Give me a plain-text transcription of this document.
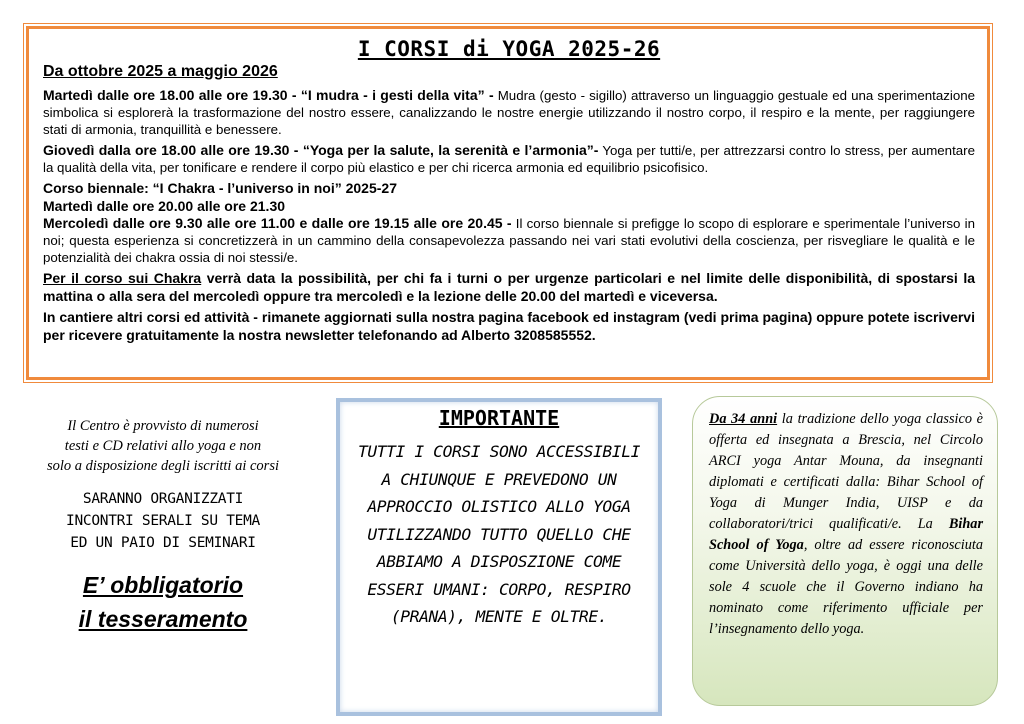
I CORSI di YOGA 2025-26
Da ottobre 2025 a maggio 2026

Martedì dalle ore 18.00 alle ore 19.30 - “I mudra - i gesti della vita” - Mudra (gesto - sigillo) attraverso un linguaggio gestuale ed una sperimentazione simbolica si esplorerà la trasformazione del nostro essere, canalizzando le nostre energie utilizzando il nostro corpo, il respiro e la mente, per raggiungere stati di armonia, tranquillità e benessere.

Giovedì dalla ore 18.00 alle ore 19.30 - “Yoga per la salute, la serenità e l’armonia”- Yoga per tutti/e, per attrezzarsi contro lo stress, per aumentare la qualità della vita, per tonificare e rendere il corpo più elastico e per chi ricerca armonia ed equilibrio psicofisico.

Corso biennale: “I Chakra - l’universo in noi” 2025-27

Martedì dalle ore 20.00 alle ore 21.30

Mercoledì dalle ore 9.30 alle ore 11.00 e dalle ore 19.15 alle ore 20.45 - Il corso biennale si prefigge lo scopo di esplorare e sperimentale l’universo in noi; questa esperienza si concretizzerà in un cammino della consapevolezza passando nei vari stati evolutivi della coscienza, per risvegliare le qualità e le potenzialità dei chakra ossia di noi stessi/e.

Per il corso sui Chakra verrà data la possibilità, per chi fa i turni o per urgenze particolari e nel limite delle disponibilità, di spostarsi la mattina o alla sera del mercoledì oppure tra mercoledì e la lezione delle 20.00 del martedì e viceversa.

In cantiere altri corsi ed attività - rimanete aggiornati sulla nostra pagina facebook ed instagram (vedi prima pagina) oppure potete iscrivervi per ricevere gratuitamente la nostra newsletter telefonando ad Alberto 3208585552.

Il Centro è provvisto di numerosi
testi e CD relativi allo yoga e non
solo a disposizione degli iscritti ai corsi
SARANNO ORGANIZZATI
INCONTRI SERALI SU TEMA
ED UN PAIO DI SEMINARI
E’ obbligatorio
il tesseramento
IMPORTANTE
TUTTI I CORSI SONO ACCESSIBILI A CHIUNQUE E PREVEDONO UN APPROCCIO OLISTICO ALLO YOGA UTILIZZANDO TUTTO QUELLO CHE ABBIAMO A DISPOSZIONE COME ESSERI UMANI: CORPO, RESPIRO (PRANA), MENTE E OLTRE.
Da 34 anni la tradizione dello yoga classico è offerta ed insegnata a Brescia, nel Circolo ARCI yoga Antar Mouna, da insegnanti diplomati e certificati dalla: Bihar School of Yoga di Munger India, UISP e da collaboratori/trici qualificati/e. La Bihar School of Yoga, oltre ad essere riconosciuta come Università dello yoga, è oggi una delle sole 4 scuole che il Governo indiano ha nominato come riferimento ufficiale per l’insegnamento dello yoga.
